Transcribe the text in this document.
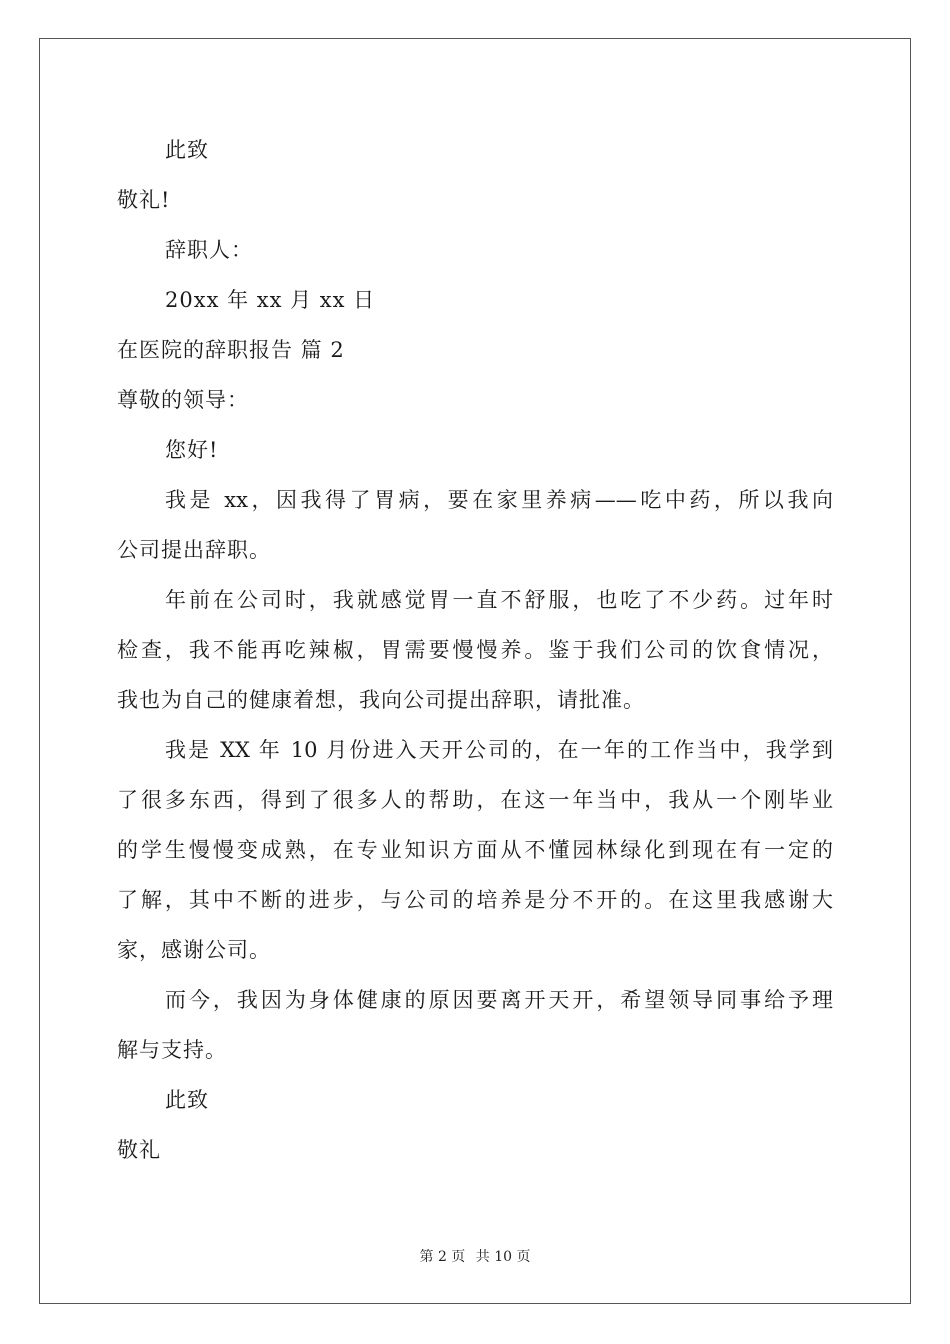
此致
敬礼!
辞职人：
20xx 年 xx 月 xx 日
在医院的辞职报告 篇 2
尊敬的领导：
您好!
我是 xx，因我得了胃病，要在家里养病——吃中药，所以我向
公司提出辞职。
年前在公司时，我就感觉胃一直不舒服，也吃了不少药。过年时
检查，我不能再吃辣椒，胃需要慢慢养。鉴于我们公司的饮食情况，
我也为自己的健康着想，我向公司提出辞职，请批准。
我是 XX 年 10 月份进入天开公司的，在一年的工作当中，我学到
了很多东西，得到了很多人的帮助，在这一年当中，我从一个刚毕业
的学生慢慢变成熟，在专业知识方面从不懂园林绿化到现在有一定的
了解，其中不断的进步，与公司的培养是分不开的。在这里我感谢大
家，感谢公司。
而今，我因为身体健康的原因要离开天开，希望领导同事给予理
解与支持。
此致
敬礼
第 2 页 共 10 页
